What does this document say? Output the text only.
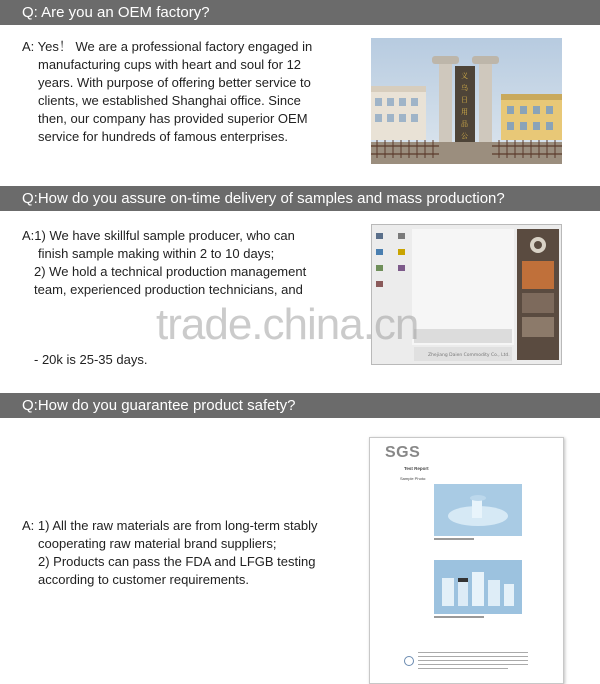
Q: Are you an OEM factory?
A: Yes！ We are a professional factory engaged in
manufacturing cups with heart and soul for 12
years. With purpose of offering better service to
clients, we established Shanghai office. Since
then, our company has provided superior OEM
service for hundreds of famous enterprises.
义
乌
日
用
品
公
Q:How do you assure on-time delivery of samples and mass production?
A:1) We have skillful sample producer, who can
finish sample making within 2 to 10 days;
2) We hold a technical production management
team, experienced production technicians, and
- 20k is 25-35 days.	Zhejiang Daien Commodity Co., Ltd.
trade.china.cn
Q:How do you guarantee product safety?
A: 1) All the raw materials are from long-term stably
cooperating raw material brand suppliers;
2) Products can pass the FDA and LFGB testing
according to customer requirements.
SGS
Test Report
Sample Photo:
